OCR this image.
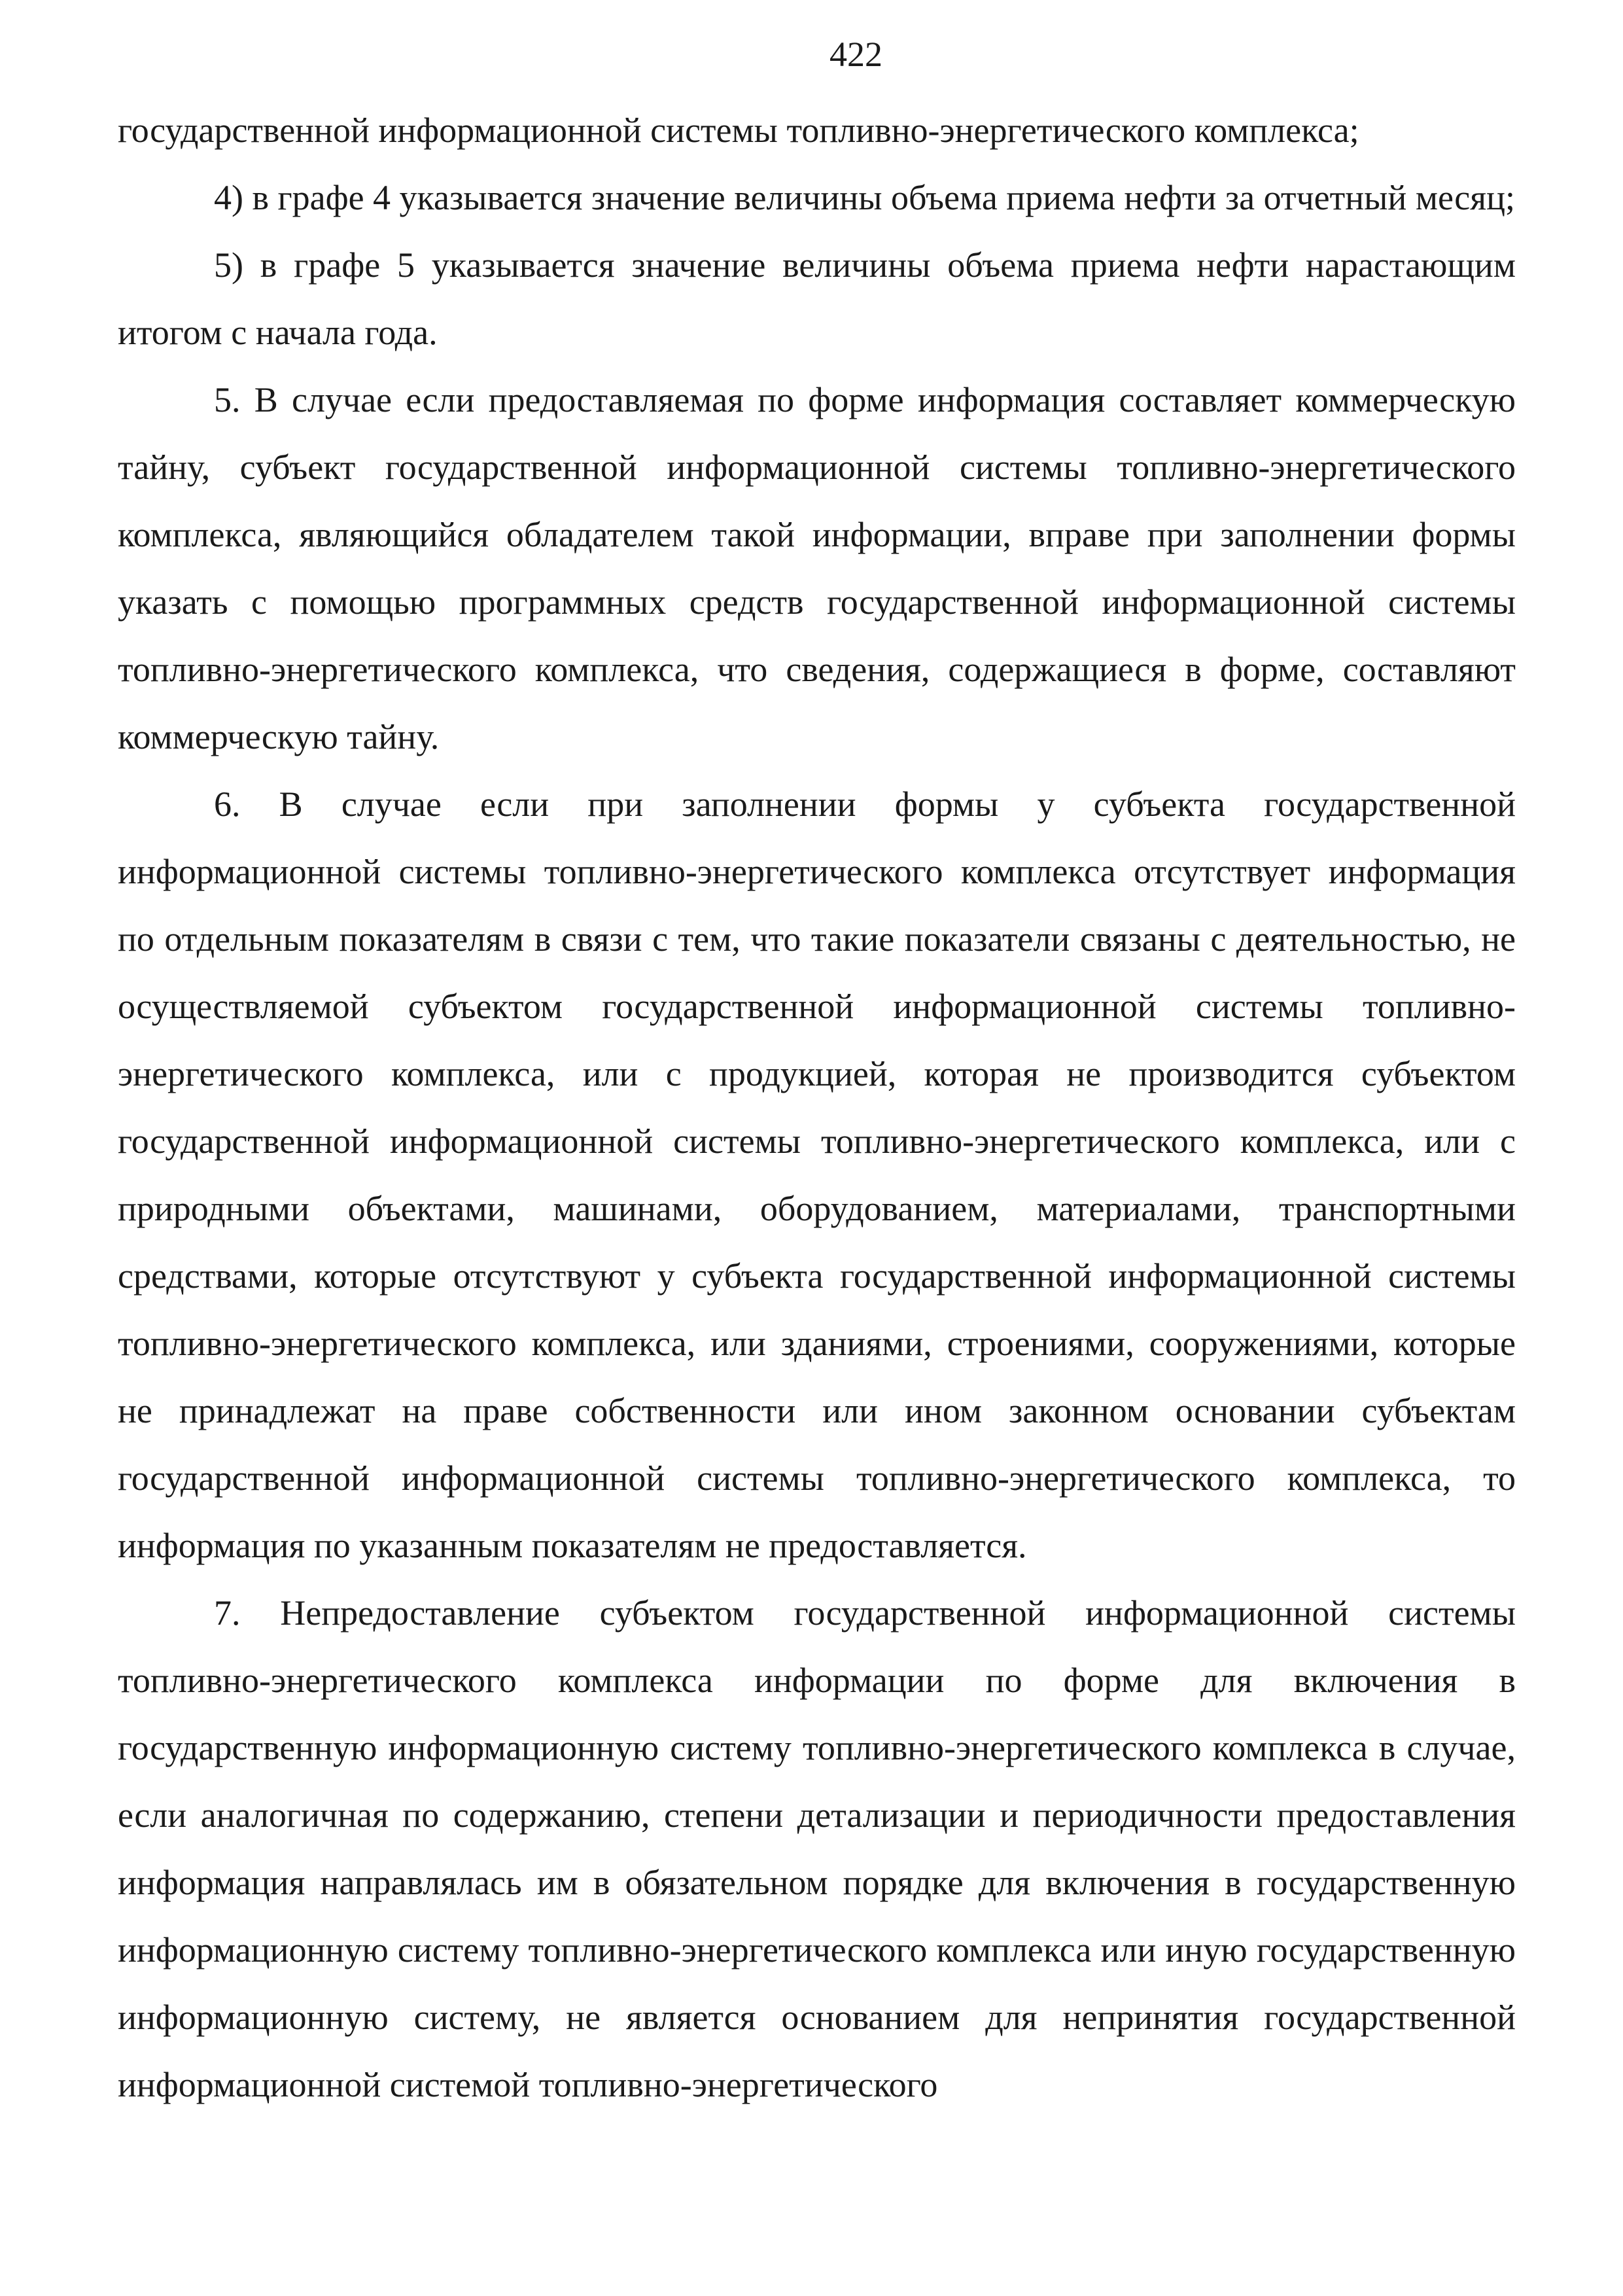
422

государственной информационной системы топливно-энергетического комплекса;

4) в графе 4 указывается значение величины объема приема нефти за отчетный месяц;

5) в графе 5 указывается значение величины объема приема нефти нарастающим итогом с начала года.

5. В случае если предоставляемая по форме информация составляет коммерческую тайну, субъект государственной информационной системы топливно-энергетического комплекса, являющийся обладателем такой информации, вправе при заполнении формы указать с помощью программных средств государственной информационной системы топливно-энергетического комплекса, что сведения, содержащиеся в форме, составляют коммерческую тайну.

6. В случае если при заполнении формы у субъекта государственной информационной системы топливно-энергетического комплекса отсутствует информация по отдельным показателям в связи с тем, что такие показатели связаны с деятельностью, не осуществляемой субъектом государственной информационной системы топливно-энергетического комплекса, или с продукцией, которая не производится субъектом государственной информационной системы топливно-энергетического комплекса, или с природными объектами, машинами, оборудованием, материалами, транспортными средствами, которые отсутствуют у субъекта государственной информационной системы топливно-энергетического комплекса, или зданиями, строениями, сооружениями, которые не принадлежат на праве собственности или ином законном основании субъектам государственной информационной системы топливно-энергетического комплекса, то информация по указанным показателям не предоставляется.

7. Непредоставление субъектом государственной информационной системы топливно-энергетического комплекса информации по форме для включения в государственную информационную систему топливно-энергетического комплекса в случае, если аналогичная по содержанию, степени детализации и периодичности предоставления информация направлялась им в обязательном порядке для включения в государственную информационную систему топливно-энергетического комплекса или иную государственную информационную систему, не является основанием для непринятия государственной информационной системой топливно-энергетического
